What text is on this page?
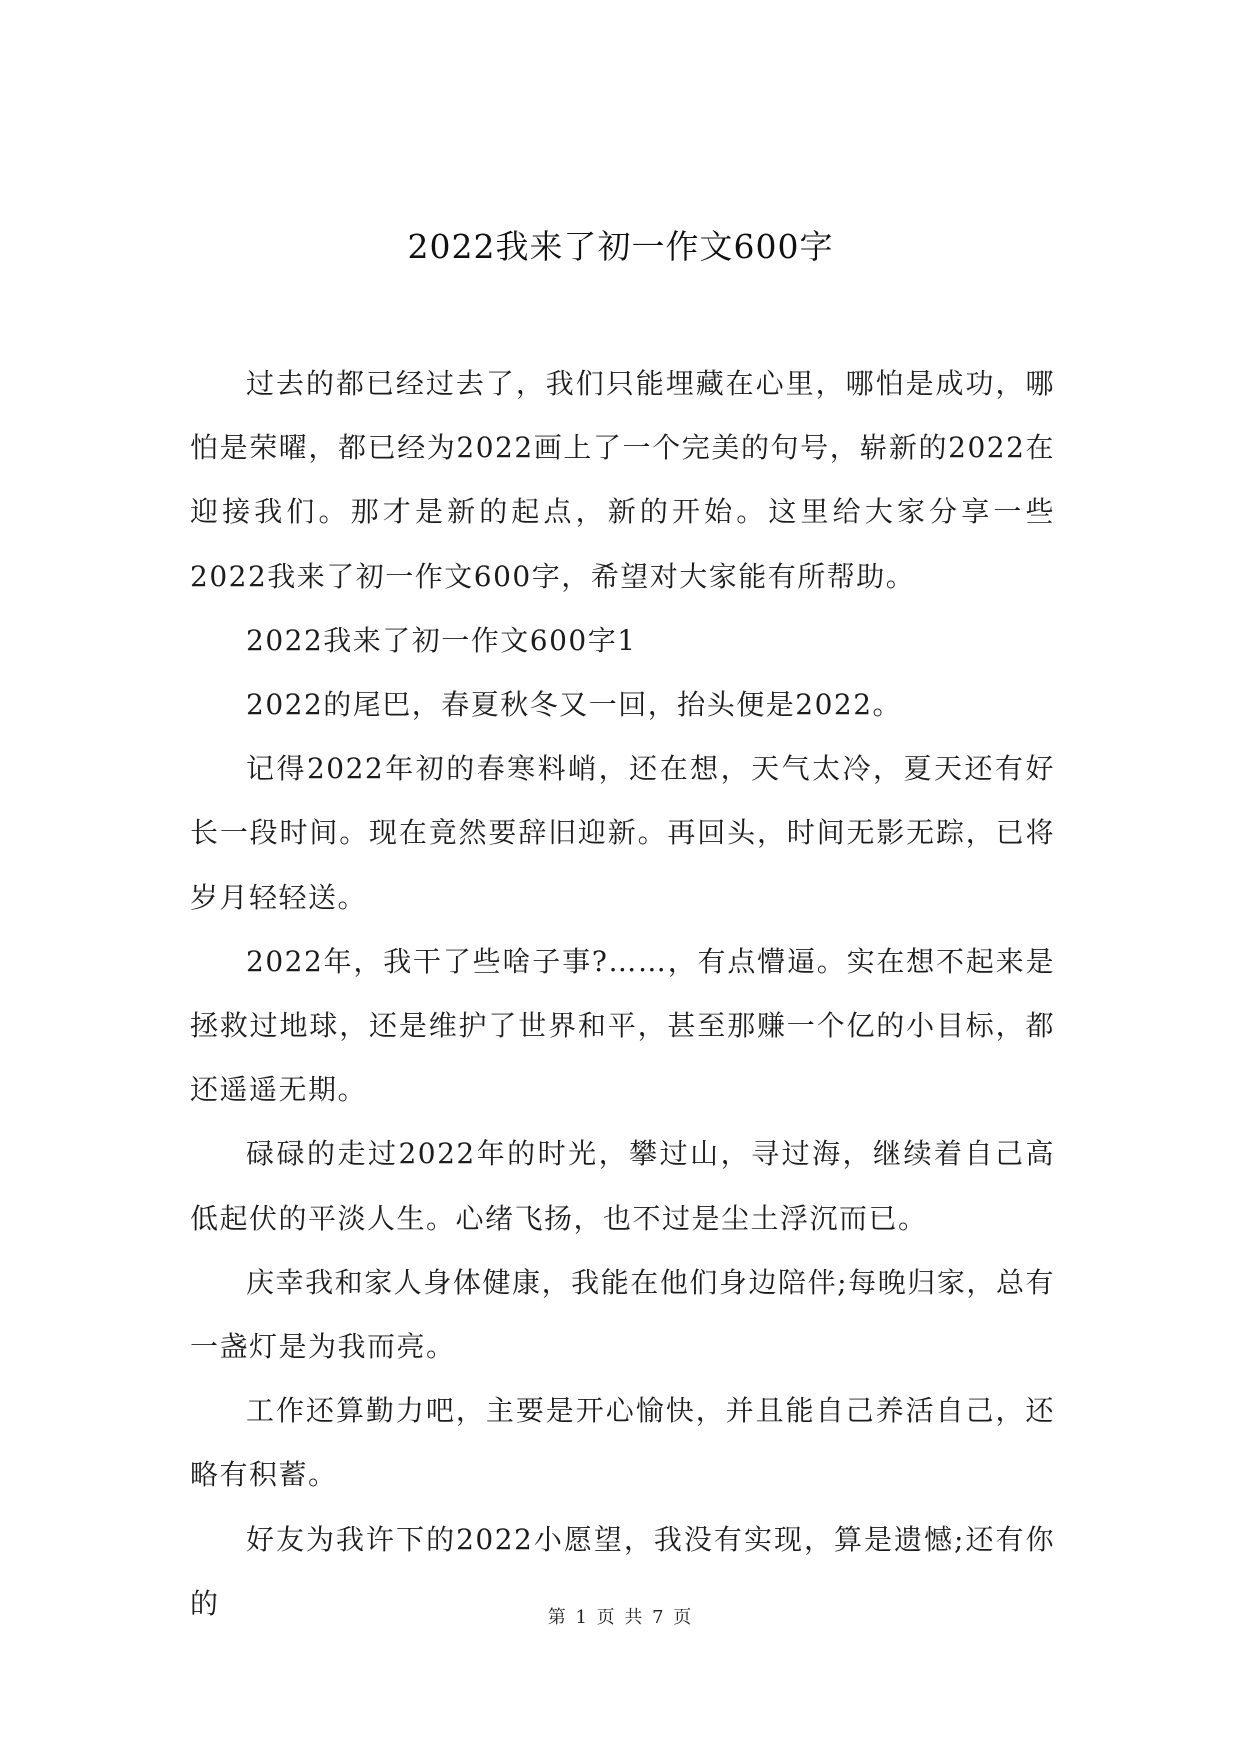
2022我来了初一作文600字

过去的都已经过去了，我们只能埋藏在心里，哪怕是成功，哪怕是荣曜，都已经为2022画上了一个完美的句号，崭新的2022在迎接我们。那才是新的起点，新的开始。这里给大家分享一些2022我来了初一作文600字，希望对大家能有所帮助。

2022我来了初一作文600字1

2022的尾巴，春夏秋冬又一回，抬头便是2022。

记得2022年初的春寒料峭，还在想，天气太冷，夏天还有好长一段时间。现在竟然要辞旧迎新。再回头，时间无影无踪，已将岁月轻轻送。

2022年，我干了些啥子事?……，有点懵逼。实在想不起来是拯救过地球，还是维护了世界和平，甚至那赚一个亿的小目标，都还遥遥无期。

碌碌的走过2022年的时光，攀过山，寻过海，继续着自己高低起伏的平淡人生。心绪飞扬，也不过是尘土浮沉而已。

庆幸我和家人身体健康，我能在他们身边陪伴;每晚归家，总有一盏灯是为我而亮。

工作还算勤力吧，主要是开心愉快，并且能自己养活自己，还略有积蓄。

好友为我许下的2022小愿望，我没有实现，算是遗憾;还有你的	第 1 页 共 7 页
